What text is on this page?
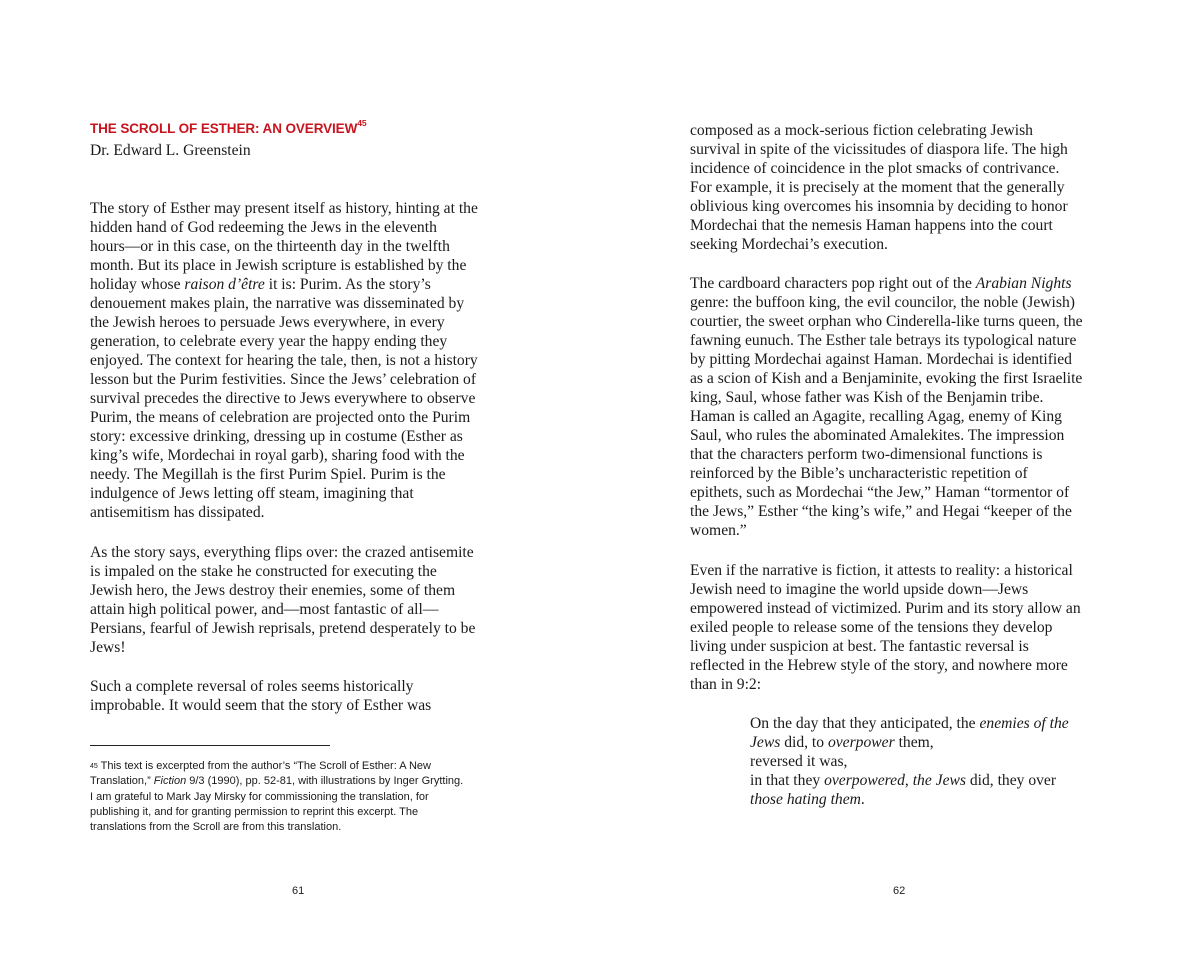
THE SCROLL OF ESTHER: AN OVERVIEW$^{45}$
Dr. Edward L. Greenstein
The story of Esther may present itself as history, hinting at the
hidden hand of God redeeming the Jews in the eleventh
hours—or in this case, on the thirteenth day in the twelfth
month. But its place in Jewish scripture is established by the
holiday whose raison d’être it is: Purim. As the story’s
denouement makes plain, the narrative was disseminated by
the Jewish heroes to persuade Jews everywhere, in every
generation, to celebrate every year the happy ending they
enjoyed. The context for hearing the tale, then, is not a history
lesson but the Purim festivities. Since the Jews’ celebration of
survival precedes the directive to Jews everywhere to observe
Purim, the means of celebration are projected onto the Purim
story: excessive drinking, dressing up in costume (Esther as
king’s wife, Mordechai in royal garb), sharing food with the
needy. The Megillah is the first Purim Spiel. Purim is the
indulgence of Jews letting off steam, imagining that
antisemitism has dissipated.
As the story says, everything flips over: the crazed antisemite
is impaled on the stake he constructed for executing the
Jewish hero, the Jews destroy their enemies, some of them
attain high political power, and—most fantastic of all—
Persians, fearful of Jewish reprisals, pretend desperately to be
Jews!
Such a complete reversal of roles seems historically
improbable. It would seem that the story of Esther was
$^{45}$ This text is excerpted from the author’s “The Scroll of Esther: A New
Translation,” Fiction 9/3 (1990), pp. 52-81, with illustrations by Inger Grytting.
I am grateful to Mark Jay Mirsky for commissioning the translation, for
publishing it, and for granting permission to reprint this excerpt. The
translations from the Scroll are from this translation.
61
composed as a mock-serious fiction celebrating Jewish
survival in spite of the vicissitudes of diaspora life. The high
incidence of coincidence in the plot smacks of contrivance.
For example, it is precisely at the moment that the generally
oblivious king overcomes his insomnia by deciding to honor
Mordechai that the nemesis Haman happens into the court
seeking Mordechai’s execution.
The cardboard characters pop right out of the Arabian Nights
genre: the buffoon king, the evil councilor, the noble (Jewish)
courtier, the sweet orphan who Cinderella-like turns queen, the
fawning eunuch. The Esther tale betrays its typological nature
by pitting Mordechai against Haman. Mordechai is identified
as a scion of Kish and a Benjaminite, evoking the first Israelite
king, Saul, whose father was Kish of the Benjamin tribe.
Haman is called an Agagite, recalling Agag, enemy of King
Saul, who rules the abominated Amalekites. The impression
that the characters perform two-dimensional functions is
reinforced by the Bible’s uncharacteristic repetition of
epithets, such as Mordechai “the Jew,” Haman “tormentor of
the Jews,” Esther “the king’s wife,” and Hegai “keeper of the
women.”
Even if the narrative is fiction, it attests to reality: a historical
Jewish need to imagine the world upside down—Jews
empowered instead of victimized. Purim and its story allow an
exiled people to release some of the tensions they develop
living under suspicion at best. The fantastic reversal is
reflected in the Hebrew style of the story, and nowhere more
than in 9:2:
On the day that they anticipated, the enemies of the
Jews did, to overpower them,
reversed it was,
in that they overpowered, the Jews did, they over
those hating them.
62
